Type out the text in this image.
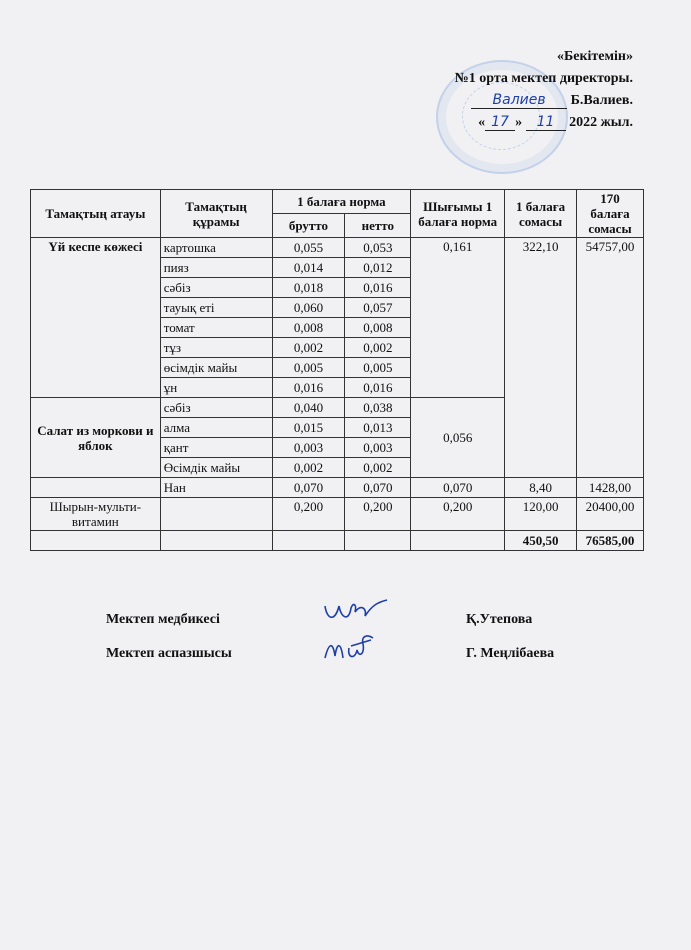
«Бекітемін»
№1 орта мектеп директоры.
Валиев Б.Валиев.
« 17 » 11 2022 жыл.
Тамақтың атауы	Тамақтың құрамы	1 балаға норма		Шығымы 1 балаға норма	1 балаға сомасы	170 балаға сомасы
		брутто	нетто			
Үй кеспе көжесі	картошка	0,055	0,053	0,161	322,10	54757,00
	пияз	0,014	0,012			
	сәбіз	0,018	0,016			
	тауық еті	0,060	0,057			
	томат	0,008	0,008			
	тұз	0,002	0,002			
	өсімдік майы	0,005	0,005			
	ұн	0,016	0,016			
Салат из моркови и яблок	сәбіз	0,040	0,038	0,056		
	алма	0,015	0,013			
	қант	0,003	0,003			
	Өсімдік майы	0,002	0,002			
	Нан	0,070	0,070	0,070	8,40	1428,00
Шырын-мульти-витамин		0,200	0,200	0,200	120,00	20400,00
					450,50	76585,00
Мектеп медбикесі	Қ.Утепова
Мектеп аспазшысы	Г. Меңлібаева
